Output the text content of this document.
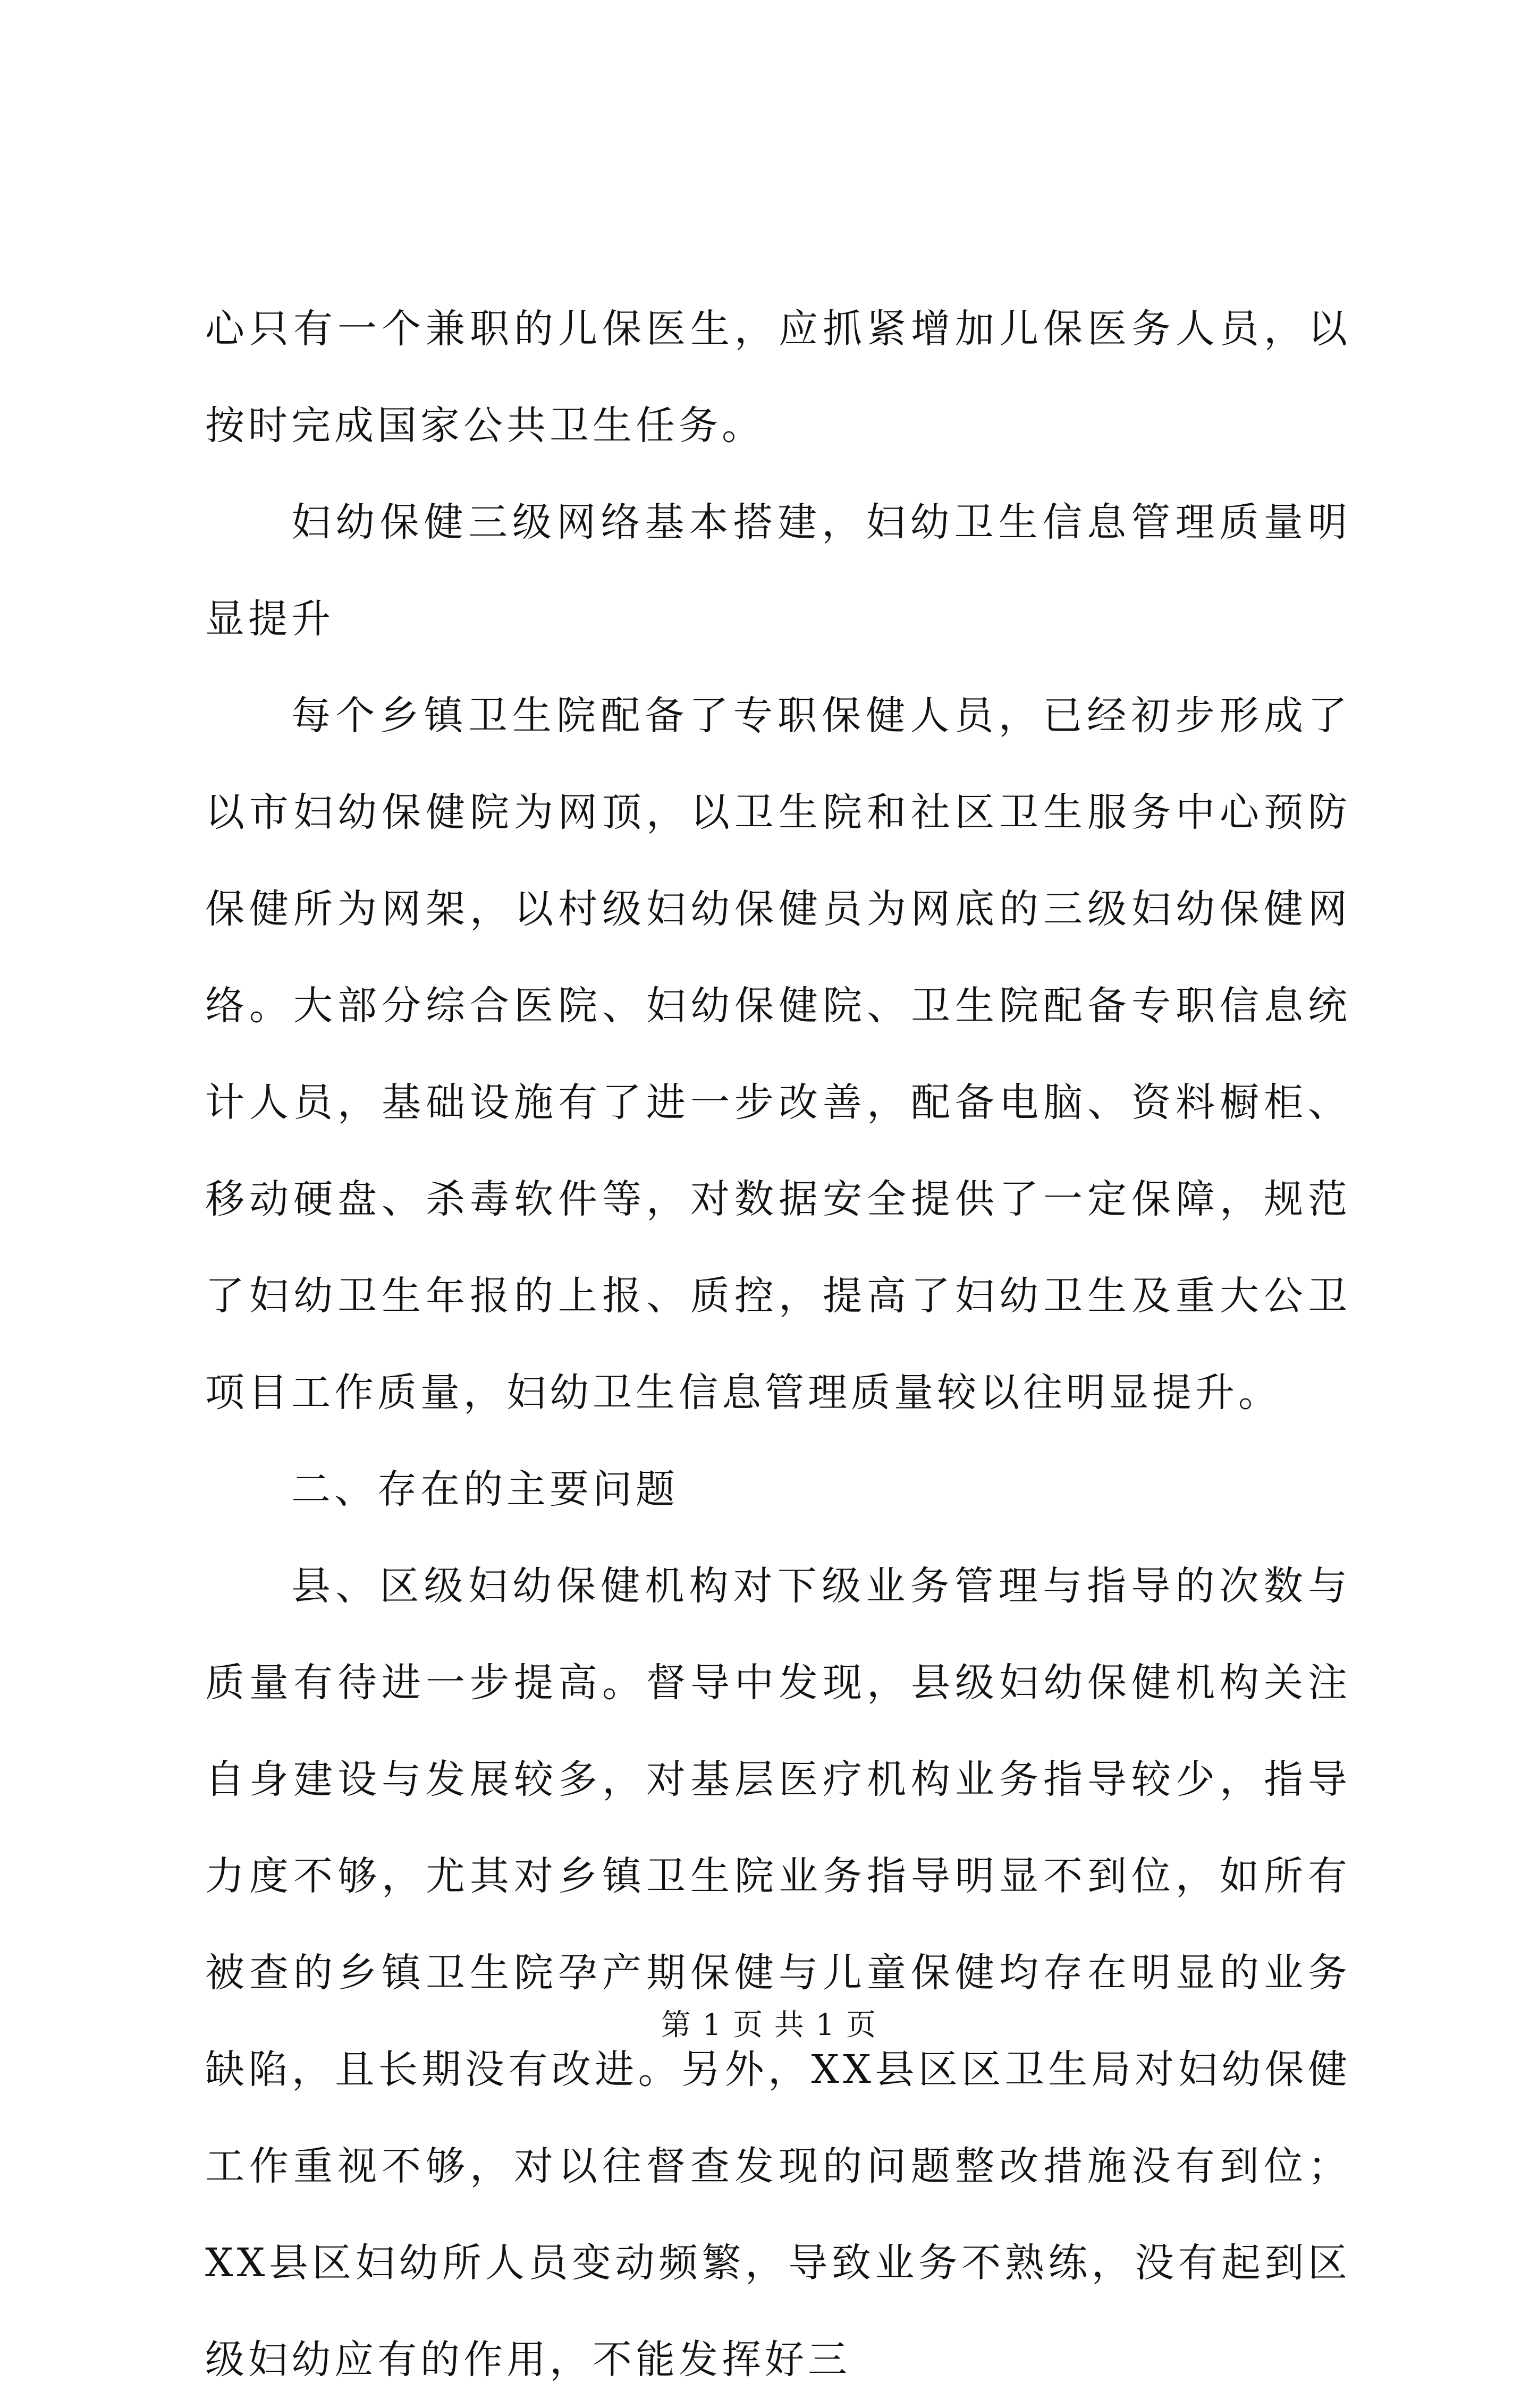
心只有一个兼职的儿保医生，应抓紧增加儿保医务人员，以按时完成国家公共卫生任务。

妇幼保健三级网络基本搭建，妇幼卫生信息管理质量明显提升

每个乡镇卫生院配备了专职保健人员，已经初步形成了以市妇幼保健院为网顶，以卫生院和社区卫生服务中心预防保健所为网架，以村级妇幼保健员为网底的三级妇幼保健网络。大部分综合医院、妇幼保健院、卫生院配备专职信息统计人员，基础设施有了进一步改善，配备电脑、资料橱柜、移动硬盘、杀毒软件等，对数据安全提供了一定保障，规范了妇幼卫生年报的上报、质控，提高了妇幼卫生及重大公卫项目工作质量，妇幼卫生信息管理质量较以往明显提升。

二、存在的主要问题

县、区级妇幼保健机构对下级业务管理与指导的次数与质量有待进一步提高。督导中发现，县级妇幼保健机构关注自身建设与发展较多，对基层医疗机构业务指导较少，指导力度不够，尤其对乡镇卫生院业务指导明显不到位，如所有被查的乡镇卫生院孕产期保健与儿童保健均存在明显的业务缺陷，且长期没有改进。另外，XX县区区卫生局对妇幼保健工作重视不够，对以往督查发现的问题整改措施没有到位；XX县区妇幼所人员变动频繁，导致业务不熟练，没有起到区级妇幼应有的作用，不能发挥好三

第 1 页 共 1 页
